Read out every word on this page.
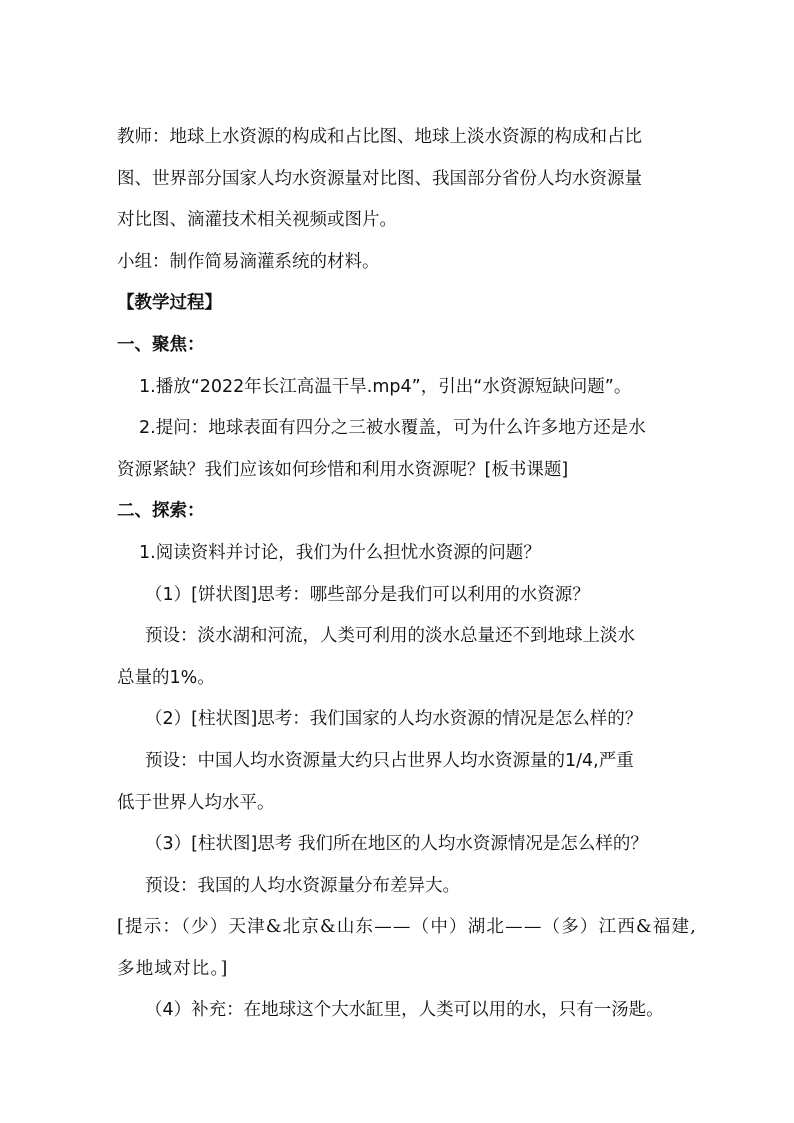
教师：地球上水资源的构成和占比图、地球上淡水资源的构成和占比
图、世界部分国家人均水资源量对比图、我国部分省份人均水资源量
对比图、滴灌技术相关视频或图片。
小组：制作简易滴灌系统的材料。
【教学过程】
一、聚焦：
1.播放“2022年长江高温干旱.mp4”，引出“水资源短缺问题”。
2.提问：地球表面有四分之三被水覆盖，可为什么许多地方还是水
资源紧缺？我们应该如何珍惜和利用水资源呢？[板书课题]
二、探索：
1.阅读资料并讨论，我们为什么担忧水资源的问题？
（1）[饼状图]思考：哪些部分是我们可以利用的水资源？
预设：淡水湖和河流，人类可利用的淡水总量还不到地球上淡水
总量的1%。
（2）[柱状图]思考：我们国家的人均水资源的情况是怎么样的？
预设：中国人均水资源量大约只占世界人均水资源量的1/4,严重
低于世界人均水平。
（3）[柱状图]思考 我们所在地区的人均水资源情况是怎么样的？
预设：我国的人均水资源量分布差异大。
[提示：（少）天津&北京&山东——（中）湖北——（多）江西&福建,
多地域对比。]
（4）补充：在地球这个大水缸里，人类可以用的水，只有一汤匙。
